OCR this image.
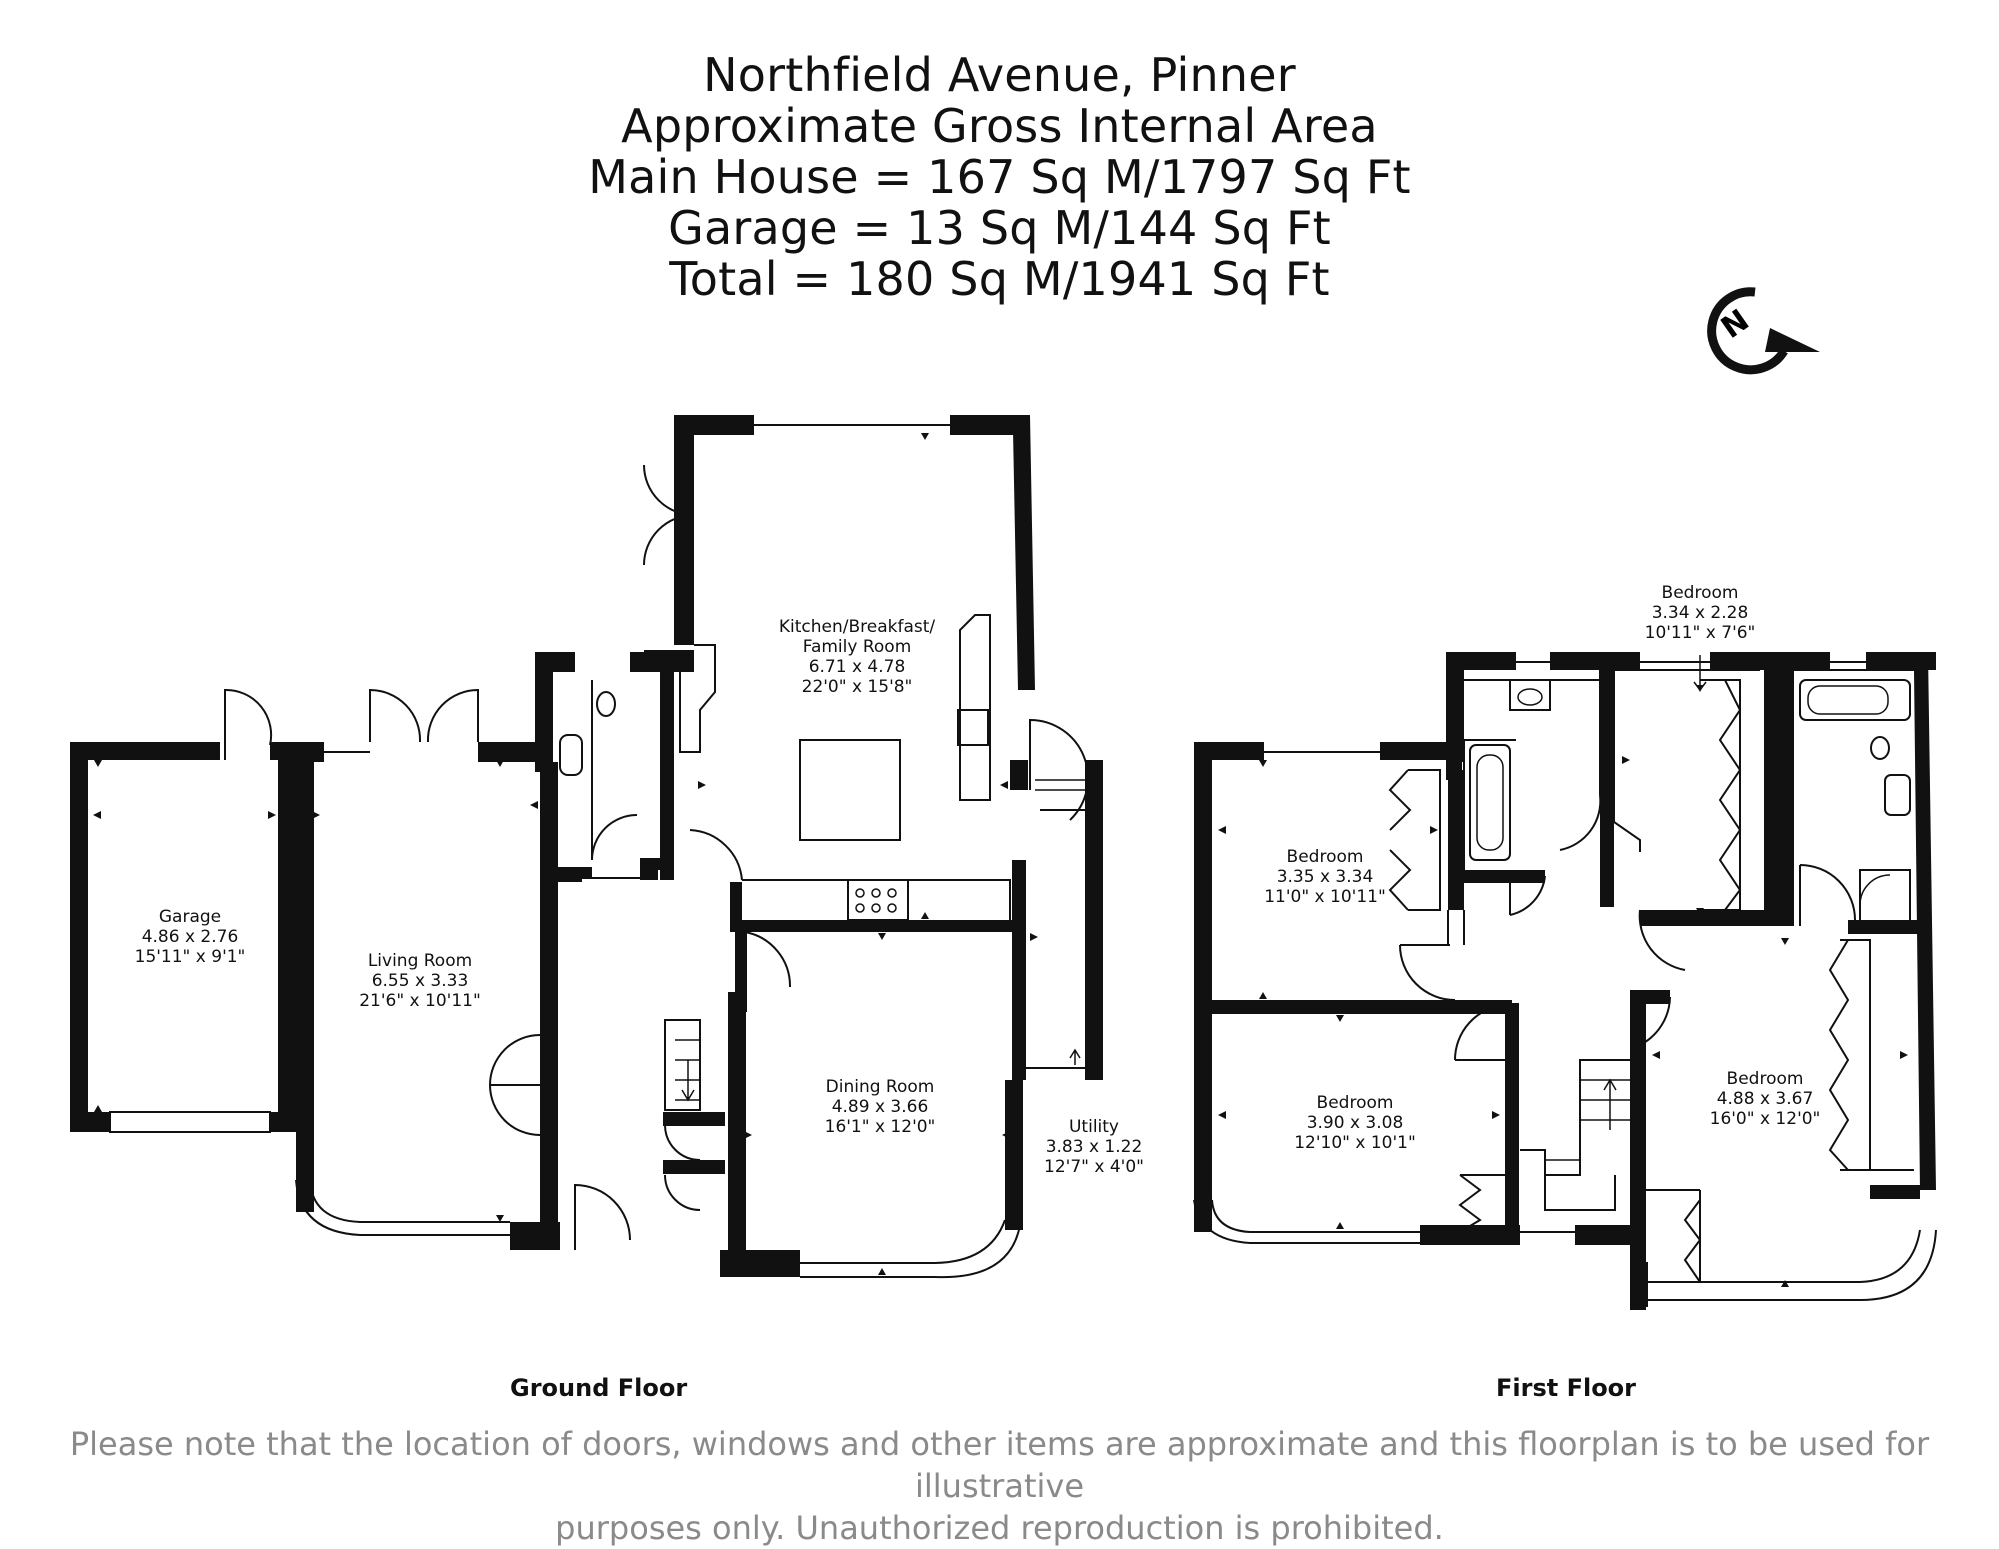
Northfield Avenue, Pinner
Approximate Gross Internal Area
Main House = 167 Sq M/1797 Sq Ft
Garage = 13 Sq M/144 Sq Ft
Total = 180 Sq M/1941 Sq Ft
N
Garage
4.86 x 2.76
15'11" x 9'1"	Living Room
6.55 x 3.33
21'6" x 10'11"
Kitchen/Breakfast/
Family Room
6.71 x 4.78
22'0" x 15'8"
Dining Room
4.89 x 3.66
16'1" x 12'0"	Utility
3.83 x 1.22
12'7" x 4'0"
Bedroom
3.34 x 2.28
10'11" x 7'6"
Bedroom
3.35 x 3.34
11'0" x 10'11"
Bedroom
3.90 x 3.08
12'10" x 10'1"
Bedroom
4.88 x 3.67
16'0" x 12'0"
Ground Floor	First Floor
Please note that the location of doors, windows and other items are approximate and this floorplan is to be used for illustrative
purposes only. Unauthorized reproduction is prohibited.
